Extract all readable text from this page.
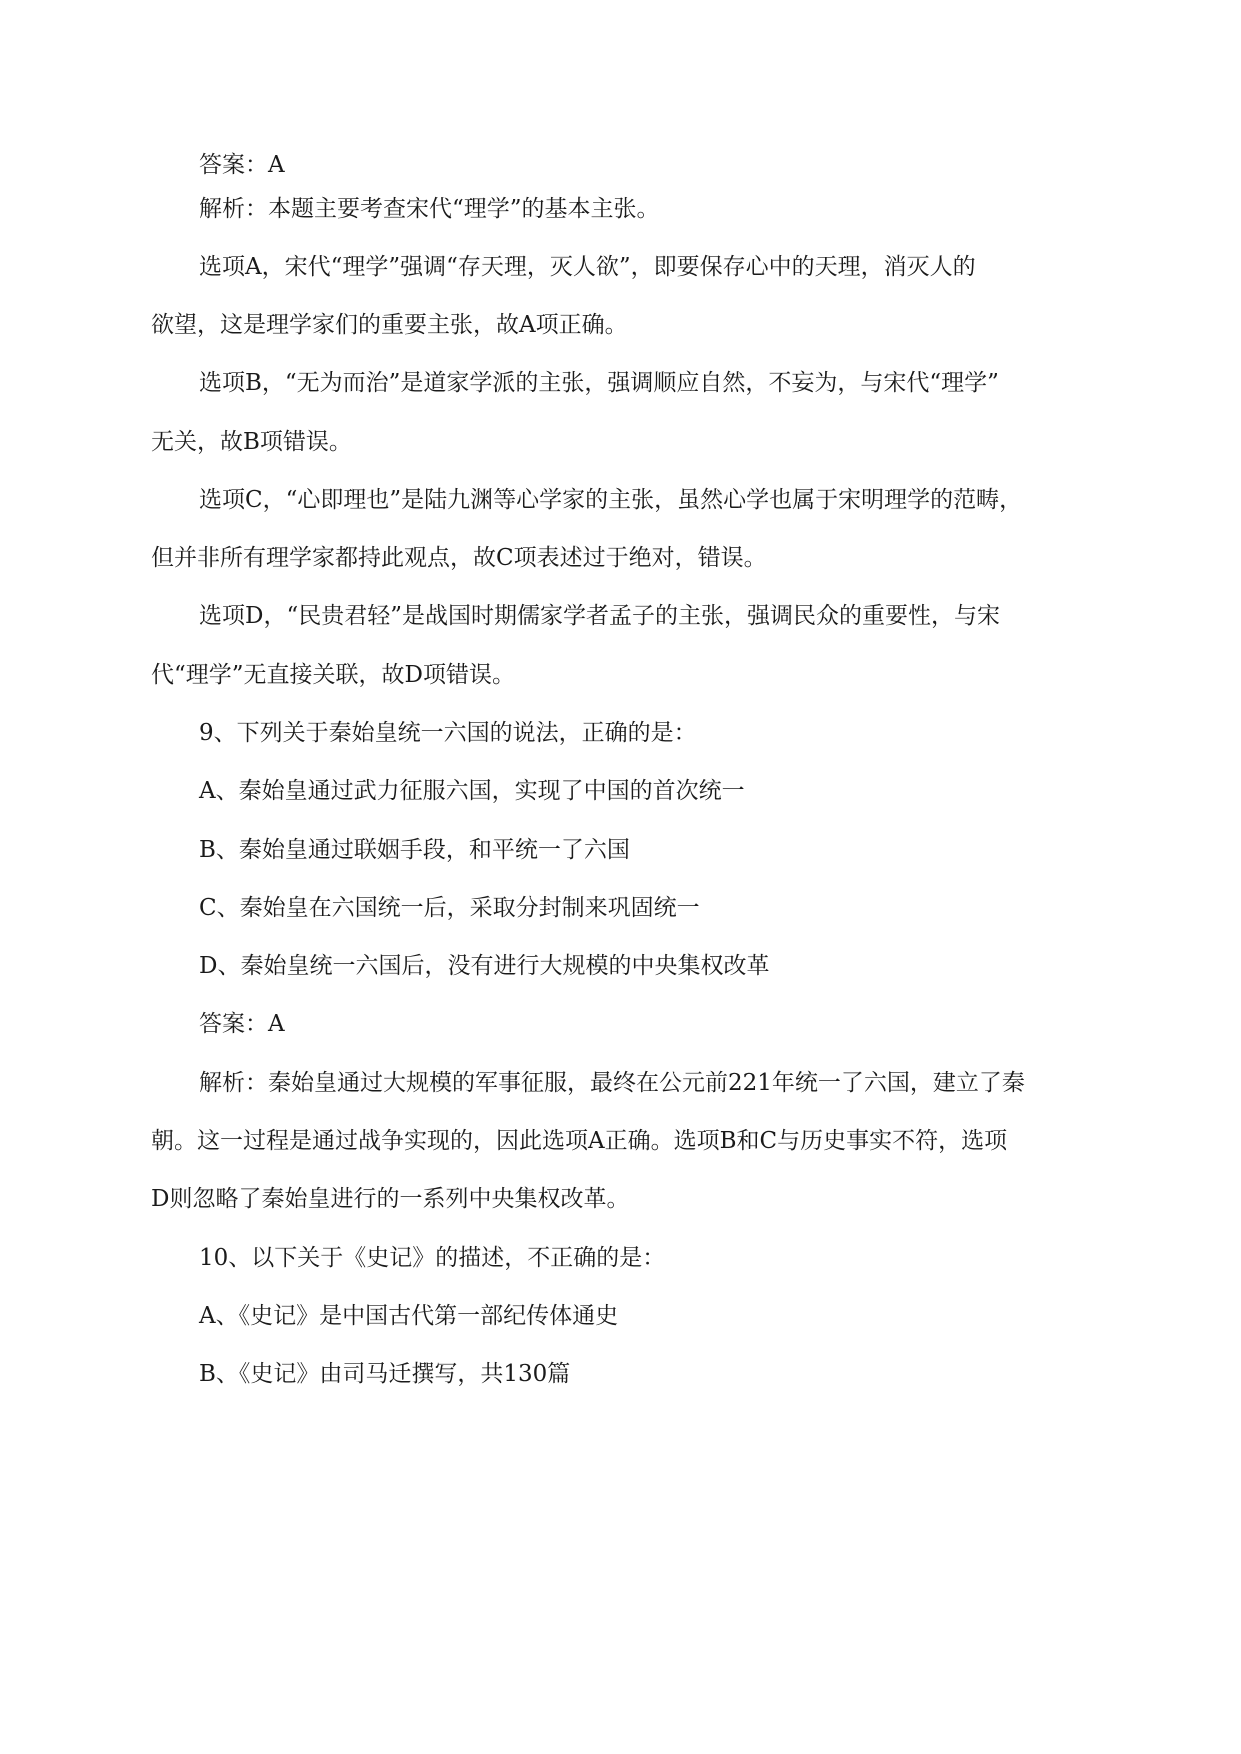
答案：A
解析：本题主要考查宋代“理学”的基本主张。
选项A，宋代“理学”强调“存天理，灭人欲”，即要保存心中的天理，消灭人的
欲望，这是理学家们的重要主张，故A项正确。
选项B，“无为而治”是道家学派的主张，强调顺应自然，不妄为，与宋代“理学”
无关，故B项错误。
选项C，“心即理也”是陆九渊等心学家的主张，虽然心学也属于宋明理学的范畴，
但并非所有理学家都持此观点，故C项表述过于绝对，错误。
选项D，“民贵君轻”是战国时期儒家学者孟子的主张，强调民众的重要性，与宋
代“理学”无直接关联，故D项错误。
9、下列关于秦始皇统一六国的说法，正确的是：
A、秦始皇通过武力征服六国，实现了中国的首次统一
B、秦始皇通过联姻手段，和平统一了六国
C、秦始皇在六国统一后，采取分封制来巩固统一
D、秦始皇统一六国后，没有进行大规模的中央集权改革
答案：A
解析：秦始皇通过大规模的军事征服，最终在公元前221年统一了六国，建立了秦
朝。这一过程是通过战争实现的，因此选项A正确。选项B和C与历史事实不符，选项
D则忽略了秦始皇进行的一系列中央集权改革。
10、以下关于《史记》的描述，不正确的是：
A、《史记》是中国古代第一部纪传体通史
B、《史记》由司马迁撰写，共130篇
